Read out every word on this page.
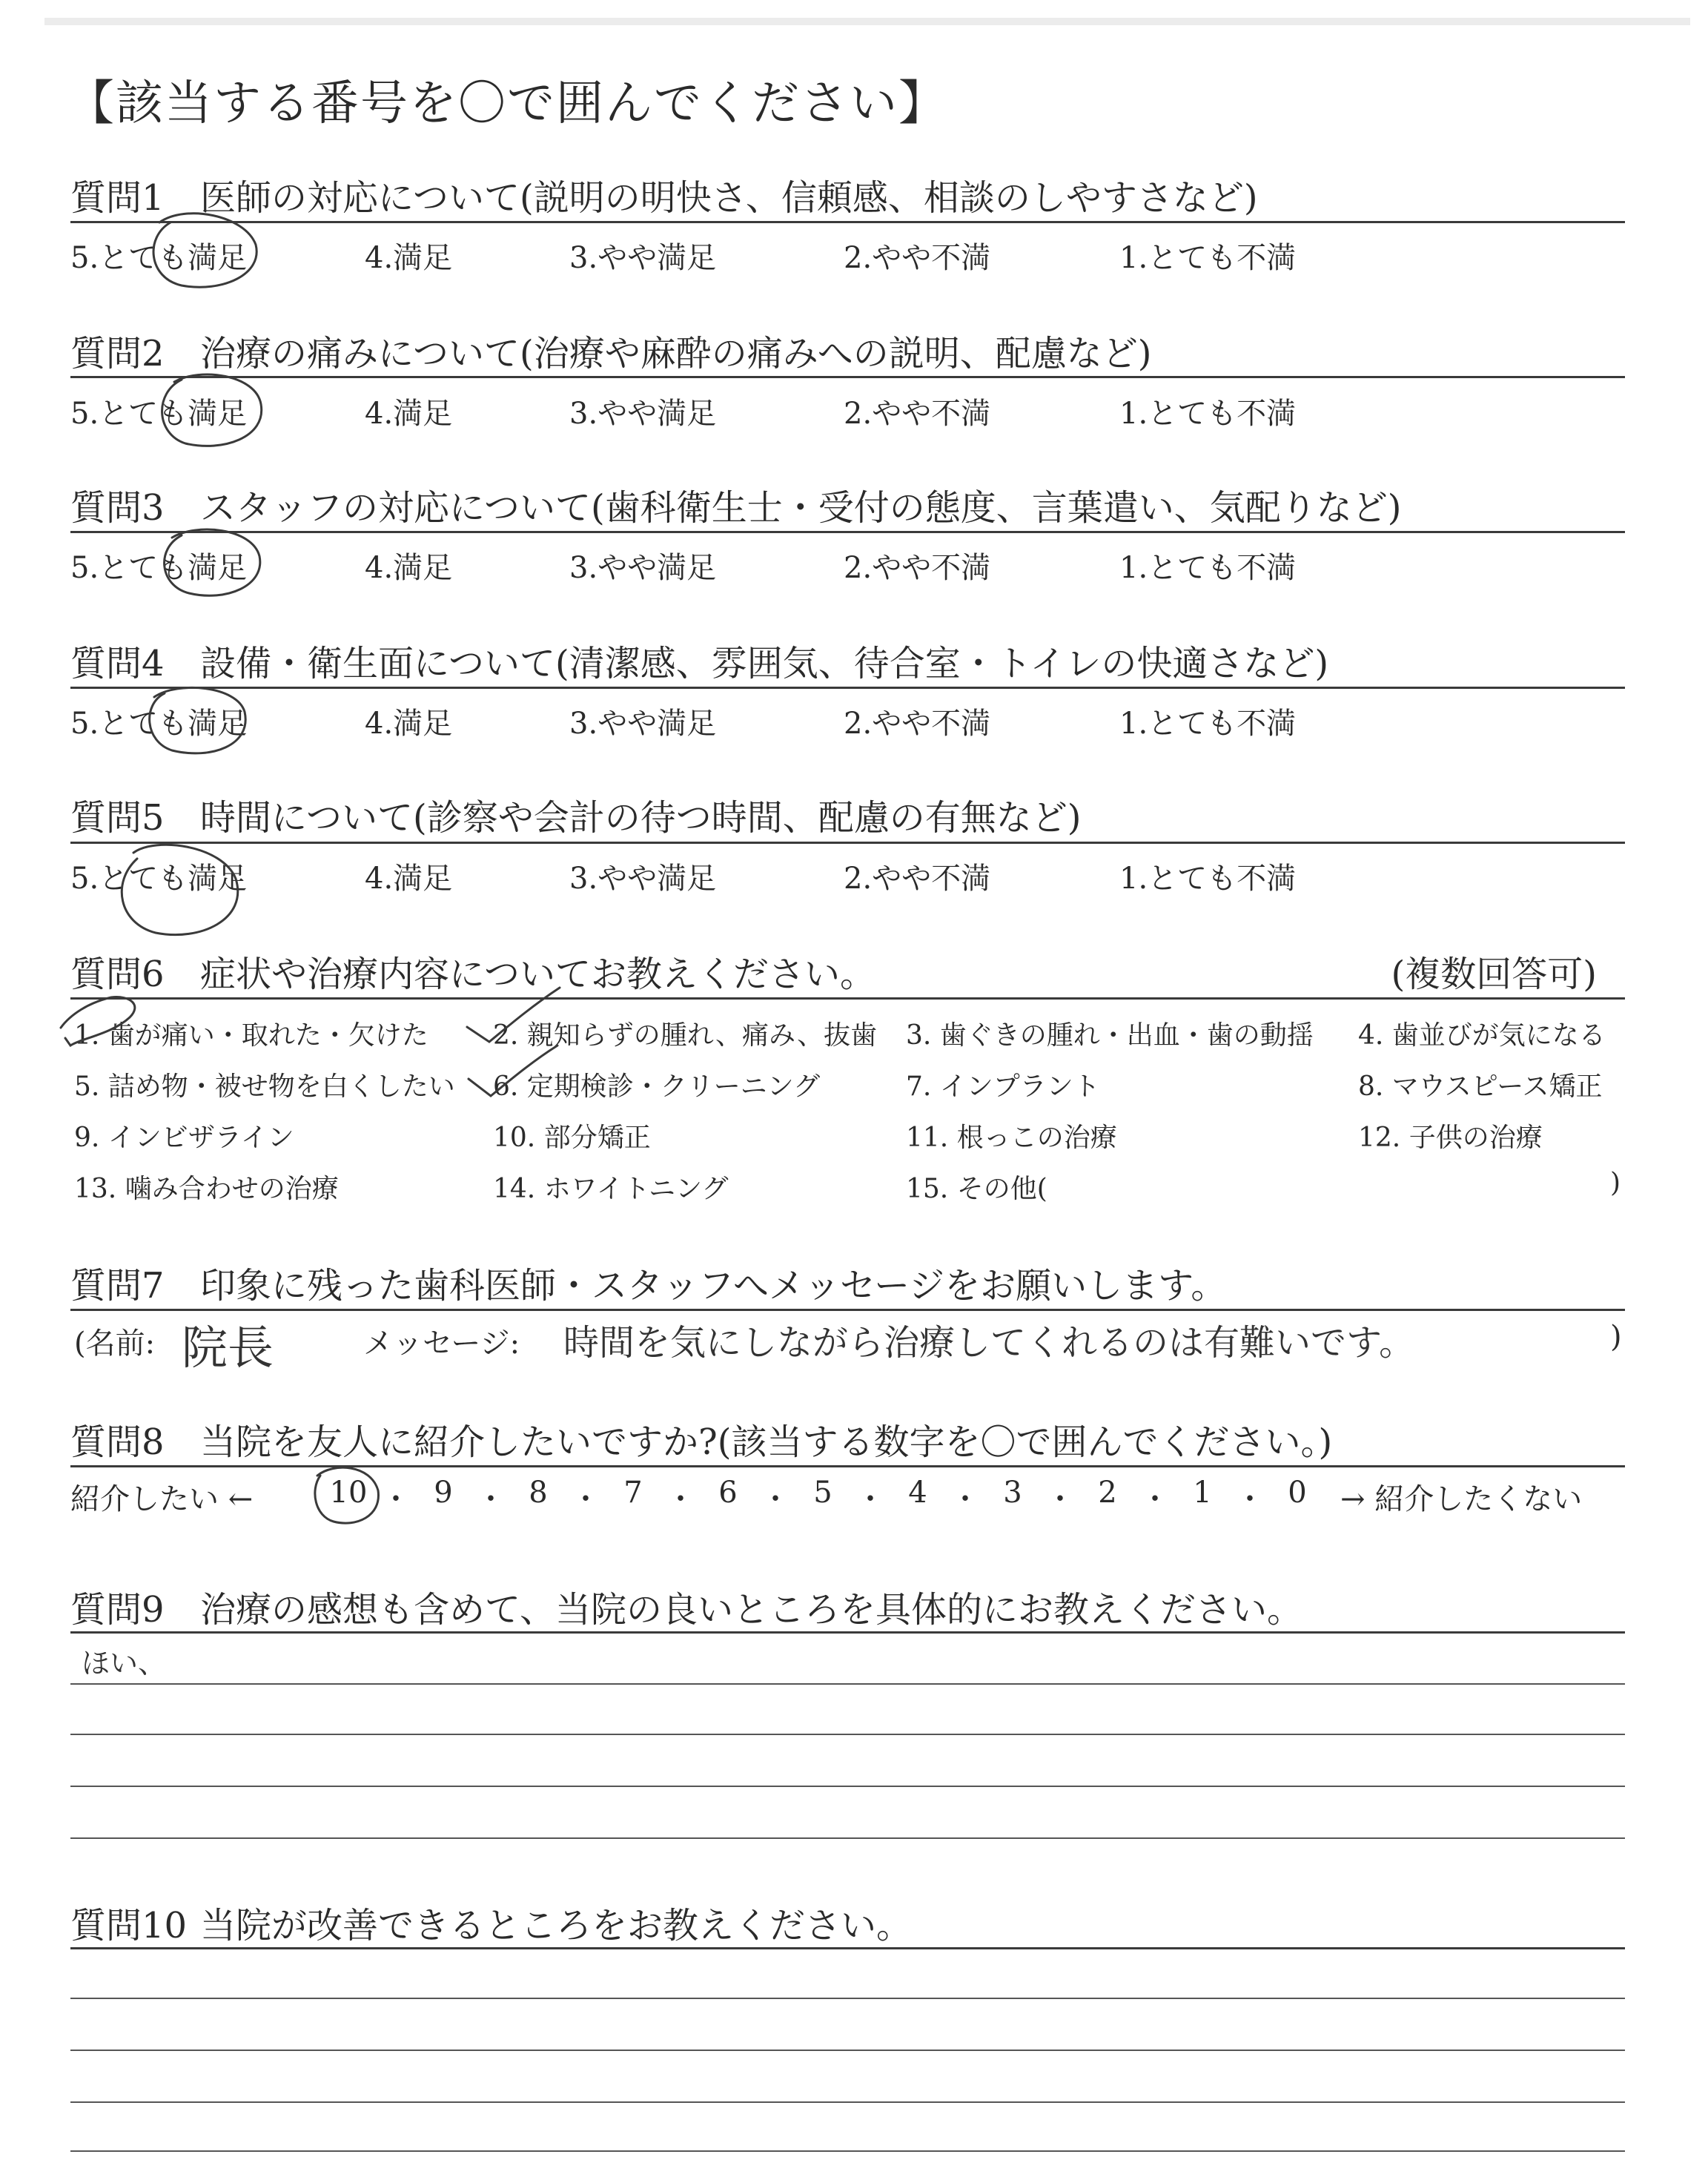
【該当する番号を〇で囲んでください】
質問1 医師の対応について(説明の明快さ、信頼感、相談のしやすさなど)
質問2 治療の痛みについて(治療や麻酔の痛みへの説明、配慮など)
質問3 スタッフの対応について(歯科衛生士・受付の態度、言葉遣い、気配りなど)
質問4 設備・衛生面について(清潔感、雰囲気、待合室・トイレの快適さなど)
質問5 時間について(診察や会計の待つ時間、配慮の有無など)
5.とても満足	4.満足	3.やや満足	2.やや不満	1.とても不満
5.とても満足	4.満足	3.やや満足	2.やや不満	1.とても不満
5.とても満足	4.満足	3.やや満足	2.やや不満	1.とても不満
5.とても満足	4.満足	3.やや満足	2.やや不満	1.とても不満
5.とても満足	4.満足	3.やや満足	2.やや不満	1.とても不満
質問6 症状や治療内容についてお教えください。	(複数回答可)
1. 歯が痛い・取れた・欠けた 2. 親知らずの腫れ、痛み、抜歯 3. 歯ぐきの腫れ・出血・歯の動揺 4. 歯並びが気になる
5. 詰め物・被せ物を白くしたい 6. 定期検診・クリーニング	7. インプラント	8. マウスピース矯正
9. インビザライン	10. 部分矯正	11. 根っこの治療	12. 子供の治療
13. 噛み合わせの治療	14. ホワイトニング	15. その他(	)
質問7 印象に残った歯科医師・スタッフへメッセージをお願いします。
(名前: 院長	メッセージ: 時間を気にしながら治療してくれるのは有難いです。	)
質問8 当院を友人に紹介したいですか?(該当する数字を〇で囲んでください。)
紹介したい ←	10 ・ 9 ・ 8 ・ 7 ・ 6 ・ 5 ・ 4 ・ 3 ・ 2 ・ 1 ・ 0	→ 紹介したくない
質問9 治療の感想も含めて、当院の良いところを具体的にお教えください。
ほい、
質問10 当院が改善できるところをお教えください。
